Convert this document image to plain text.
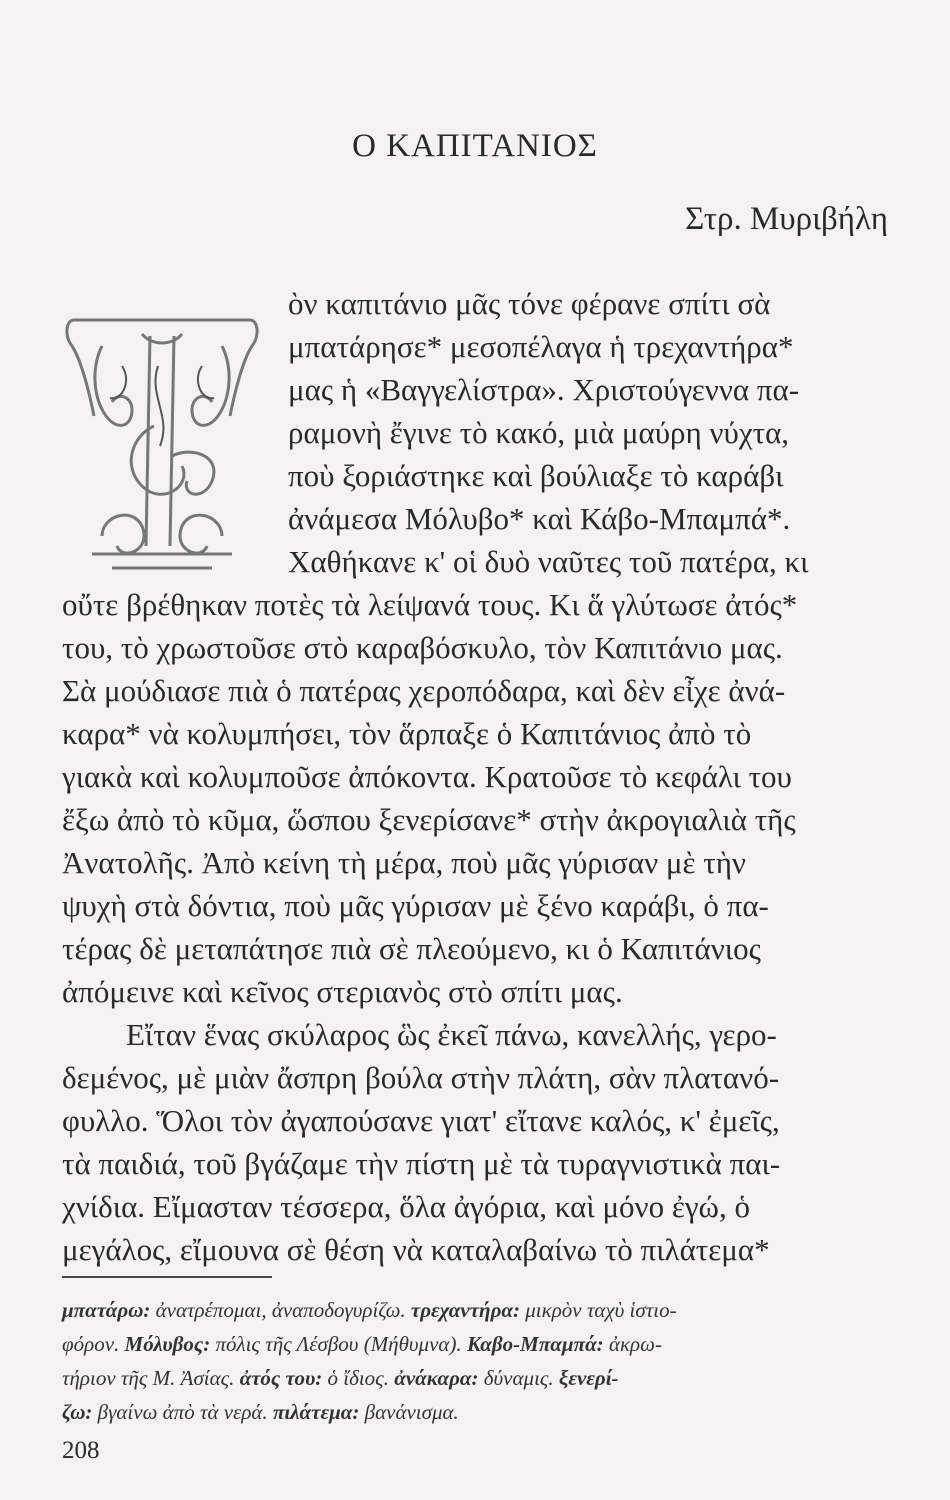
Ο ΚΑΠΙΤΑΝΙΟΣ
Στρ. Μυριβήλη
ὸν καπιτάνιο μᾶς τόνε φέρανε σπίτι σὰ
μπατάρησε* μεσοπέλαγα ἡ τρεχαντήρα*
μας ἡ «Βαγγελίστρα». Χριστούγεννα πα-
ραμονὴ ἔγινε τὸ κακό, μιὰ μαύρη νύχτα,
ποὺ ξοριάστηκε καὶ βούλιαξε τὸ καράβι
ἀνάμεσα Μόλυβο* καὶ Κάβο-Μπαμπά*.
Χαθήκανε κ' οἱ δυὸ ναῦτες τοῦ πατέρα, κι
οὔτε βρέθηκαν ποτὲς τὰ λείψανά τους. Κι ἅ γλύτωσε ἀτός*
του, τὸ χρωστοῦσε στὸ καραβόσκυλο, τὸν Καπιτάνιο μας.
Σὰ μούδιασε πιὰ ὁ πατέρας χεροπόδαρα, καὶ δὲν εἶχε ἀνά-
καρα* νὰ κολυμπήσει, τὸν ἅρπαξε ὁ Καπιτάνιος ἀπὸ τὸ
γιακὰ καὶ κολυμποῦσε ἀπόκοντα. Κρατοῦσε τὸ κεφάλι του
ἔξω ἀπὸ τὸ κῦμα, ὥσπου ξενερίσανε* στὴν ἀκρογιαλιὰ τῆς
Ἀνατολῆς. Ἀπὸ κείνη τὴ μέρα, ποὺ μᾶς γύρισαν μὲ τὴν
ψυχὴ στὰ δόντια, ποὺ μᾶς γύρισαν μὲ ξένο καράβι, ὁ πα-
τέρας δὲ μεταπάτησε πιὰ σὲ πλεούμενο, κι ὁ Καπιτάνιος
ἀπόμεινε καὶ κεῖνος στεριανὸς στὸ σπίτι μας.
Εἴταν ἕνας σκύλαρος ὣς ἐκεῖ πάνω, κανελλής, γερο-
δεμένος, μὲ μιὰν ἄσπρη βούλα στὴν πλάτη, σὰν πλατανό-
φυλλο. Ὅλοι τὸν ἀγαπούσανε γιατ' εἴτανε καλός, κ' ἐμεῖς,
τὰ παιδιά, τοῦ βγάζαμε τὴν πίστη μὲ τὰ τυραγνιστικὰ παι-
χνίδια. Εἴμασταν τέσσερα, ὅλα ἀγόρια, καὶ μόνο ἐγώ, ὁ
μεγάλος, εἴμουνα σὲ θέση νὰ καταλαβαίνω τὸ πιλάτεμα*
μπατάρω: ἀνατρέπομαι, ἀναποδογυρίζω. τρεχαντήρα: μικρὸν ταχὺ ἱστιο-
φόρον. Μόλυβος: πόλις τῆς Λέσβου (Μήθυμνα). Καβο-Μπαμπά: ἀκρω-
τήριον τῆς Μ. Ἀσίας. ἀτός του: ὁ ἴδιος. ἀνάκαρα: δύναμις. ξενερί-
ζω: βγαίνω ἀπὸ τὰ νερά. πιλάτεμα: βανάνισμα.
208
